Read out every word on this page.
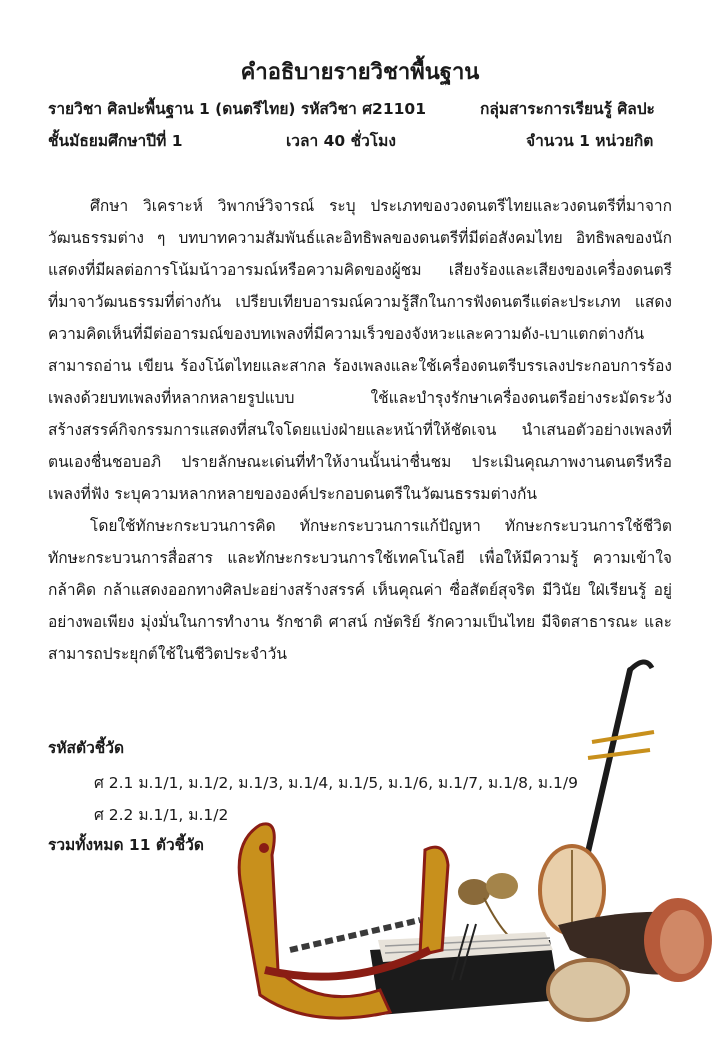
คำอธิบายรายวิชาพื้นฐาน
รายวิชา ศิลปะพื้นฐาน 1 (ดนตรีไทย) รหัสวิชา ศ21101	กลุ่มสาระการเรียนรู้ ศิลปะ
ชั้นมัธยมศึกษาปีที่ 1	เวลา 40 ชั่วโมง	จำนวน 1 หน่วยกิต

ศึกษา วิเคราะห์ วิพากษ์วิจารณ์ ระบุ ประเภทของวงดนตรีไทยและวงดนตรีที่มาจากวัฒนธรรมต่าง ๆ บทบาทความสัมพันธ์และอิทธิพลของดนตรีที่มีต่อสังคมไทย อิทธิพลของนักแสดงที่มีผลต่อการโน้มน้าวอารมณ์หรือความคิดของผู้ชม เสียงร้องและเสียงของเครื่องดนตรีที่มาจาวัฒนธรรมที่ต่างกัน เปรียบเทียบอารมณ์ความรู้สึกในการฟังดนตรีแต่ละประเภท แสดงความคิดเห็นที่มีต่ออารมณ์ของบทเพลงที่มีความเร็วของจังหวะและความดัง-เบาแตกต่างกัน สามารถอ่าน เขียน ร้องโน้ตไทยและสากล ร้องเพลงและใช้เครื่องดนตรีบรรเลงประกอบการร้องเพลงด้วยบทเพลงที่หลากหลายรูปแบบ ใช้และบำรุงรักษาเครื่องดนตรีอย่างระมัดระวัง สร้างสรรค์กิจกรรมการแสดงที่สนใจโดยแบ่งฝ่ายและหน้าที่ให้ชัดเจน นำเสนอตัวอย่างเพลงที่ตนเองชื่นชอบอภิ ปรายลักษณะเด่นที่ทำให้งานนั้นน่าชื่นชม ประเมินคุณภาพงานดนตรีหรือเพลงที่ฟัง ระบุความหลากหลายขององค์ประกอบดนตรีในวัฒนธรรมต่างกัน

โดยใช้ทักษะกระบวนการคิด ทักษะกระบวนการแก้ปัญหา ทักษะกระบวนการใช้ชีวิต ทักษะกระบวนการสื่อสาร และทักษะกระบวนการใช้เทคโนโลยี เพื่อให้มีความรู้ ความเข้าใจ กล้าคิด กล้าแสดงออกทางศิลปะอย่างสร้างสรรค์ เห็นคุณค่า ซื่อสัตย์สุจริต มีวินัย ใฝ่เรียนรู้ อยู่อย่างพอเพียง มุ่งมั่นในการทำงาน รักชาติ ศาสน์ กษัตริย์ รักความเป็นไทย มีจิตสาธารณะ และสามารถประยุกต์ใช้ในชีวิตประจำวัน

รหัสตัวชี้วัด
ศ 2.1 ม.1/1, ม.1/2, ม.1/3, ม.1/4, ม.1/5, ม.1/6, ม.1/7, ม.1/8, ม.1/9
ศ 2.2 ม.1/1, ม.1/2
รวมทั้งหมด 11 ตัวชี้วัด
